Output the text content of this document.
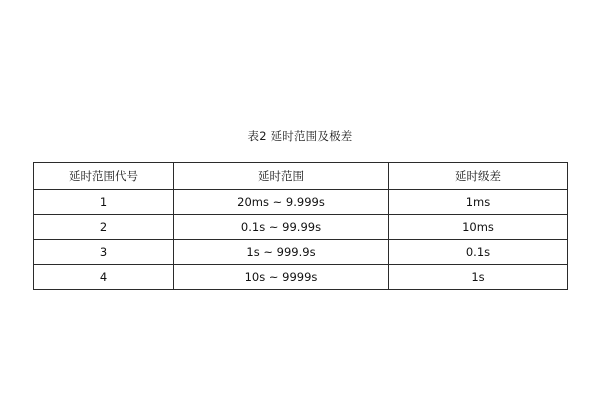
表2 延时范围及极差
延时范围代号	延时范围	延时级差
1	20ms ~ 9.999s	1ms
2	0.1s ~ 99.99s	10ms
3	1s ~ 999.9s	0.1s
4	10s ~ 9999s	1s
